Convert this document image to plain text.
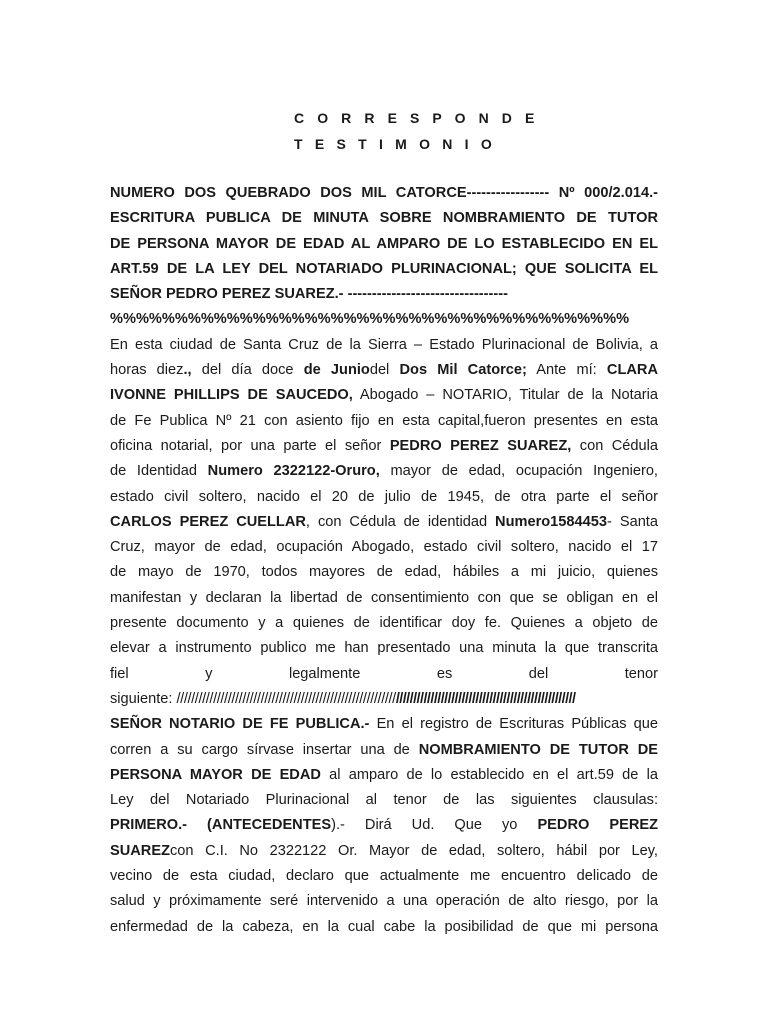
C O R R E S P O N D E
T E S T I M O N I O
NUMERO DOS QUEBRADO DOS MIL CATORCE----------------- Nº 000/2.014.-
ESCRITURA PUBLICA DE MINUTA SOBRE NOMBRAMIENTO DE TUTOR
DE PERSONA MAYOR DE EDAD AL AMPARO DE LO ESTABLECIDO EN EL
ART.59 DE LA LEY DEL NOTARIADO PLURINACIONAL; QUE SOLICITA EL
SEÑOR PEDRO PEREZ SUAREZ.- ---------------------------------
%%%%%%%%%%%%%%%%%%%%%%%%%%%%%%%%%%%%%%%%
En esta ciudad de Santa Cruz de la Sierra – Estado Plurinacional de Bolivia, a
horas diez., del día doce de Juniodel Dos Mil Catorce; Ante mí: CLARA
IVONNE PHILLIPS DE SAUCEDO, Abogado – NOTARIO, Titular de la Notaria
de Fe Publica Nº 21 con asiento fijo en esta capital,fueron presentes en esta
oficina notarial, por una parte el señor PEDRO PEREZ SUAREZ, con Cédula
de Identidad Numero 2322122-Oruro, mayor de edad, ocupación Ingeniero,
estado civil soltero, nacido el 20 de julio de 1945, de otra parte el señor
CARLOS PEREZ CUELLAR, con Cédula de identidad Numero1584453- Santa
Cruz, mayor de edad, ocupación Abogado, estado civil soltero, nacido el 17
de mayo de 1970, todos mayores de edad, hábiles a mi juicio, quienes
manifestan y declaran la libertad de consentimiento con que se obligan en el
presente documento y a quienes de identificar doy fe. Quienes a objeto de
elevar a instrumento publico me han presentado una minuta la que transcrita
fiel y legalmente es del tenor
siguiente: ////////////////////////////////////////////////////////////////////////////////////////////////////////////////
SEÑOR NOTARIO DE FE PUBLICA.- En el registro de Escrituras Públicas que
corren a su cargo sírvase insertar una de NOMBRAMIENTO DE TUTOR DE
PERSONA MAYOR DE EDAD al amparo de lo establecido en el art.59 de la
Ley del Notariado Plurinacional al tenor de las siguientes clausulas:
PRIMERO.- (ANTECEDENTES).- Dirá Ud. Que yo PEDRO PEREZ
SUAREZcon C.I. No 2322122 Or. Mayor de edad, soltero, hábil por Ley,
vecino de esta ciudad, declaro que actualmente me encuentro delicado de
salud y próximamente seré intervenido a una operación de alto riesgo, por la
enfermedad de la cabeza, en la cual cabe la posibilidad de que mi persona
